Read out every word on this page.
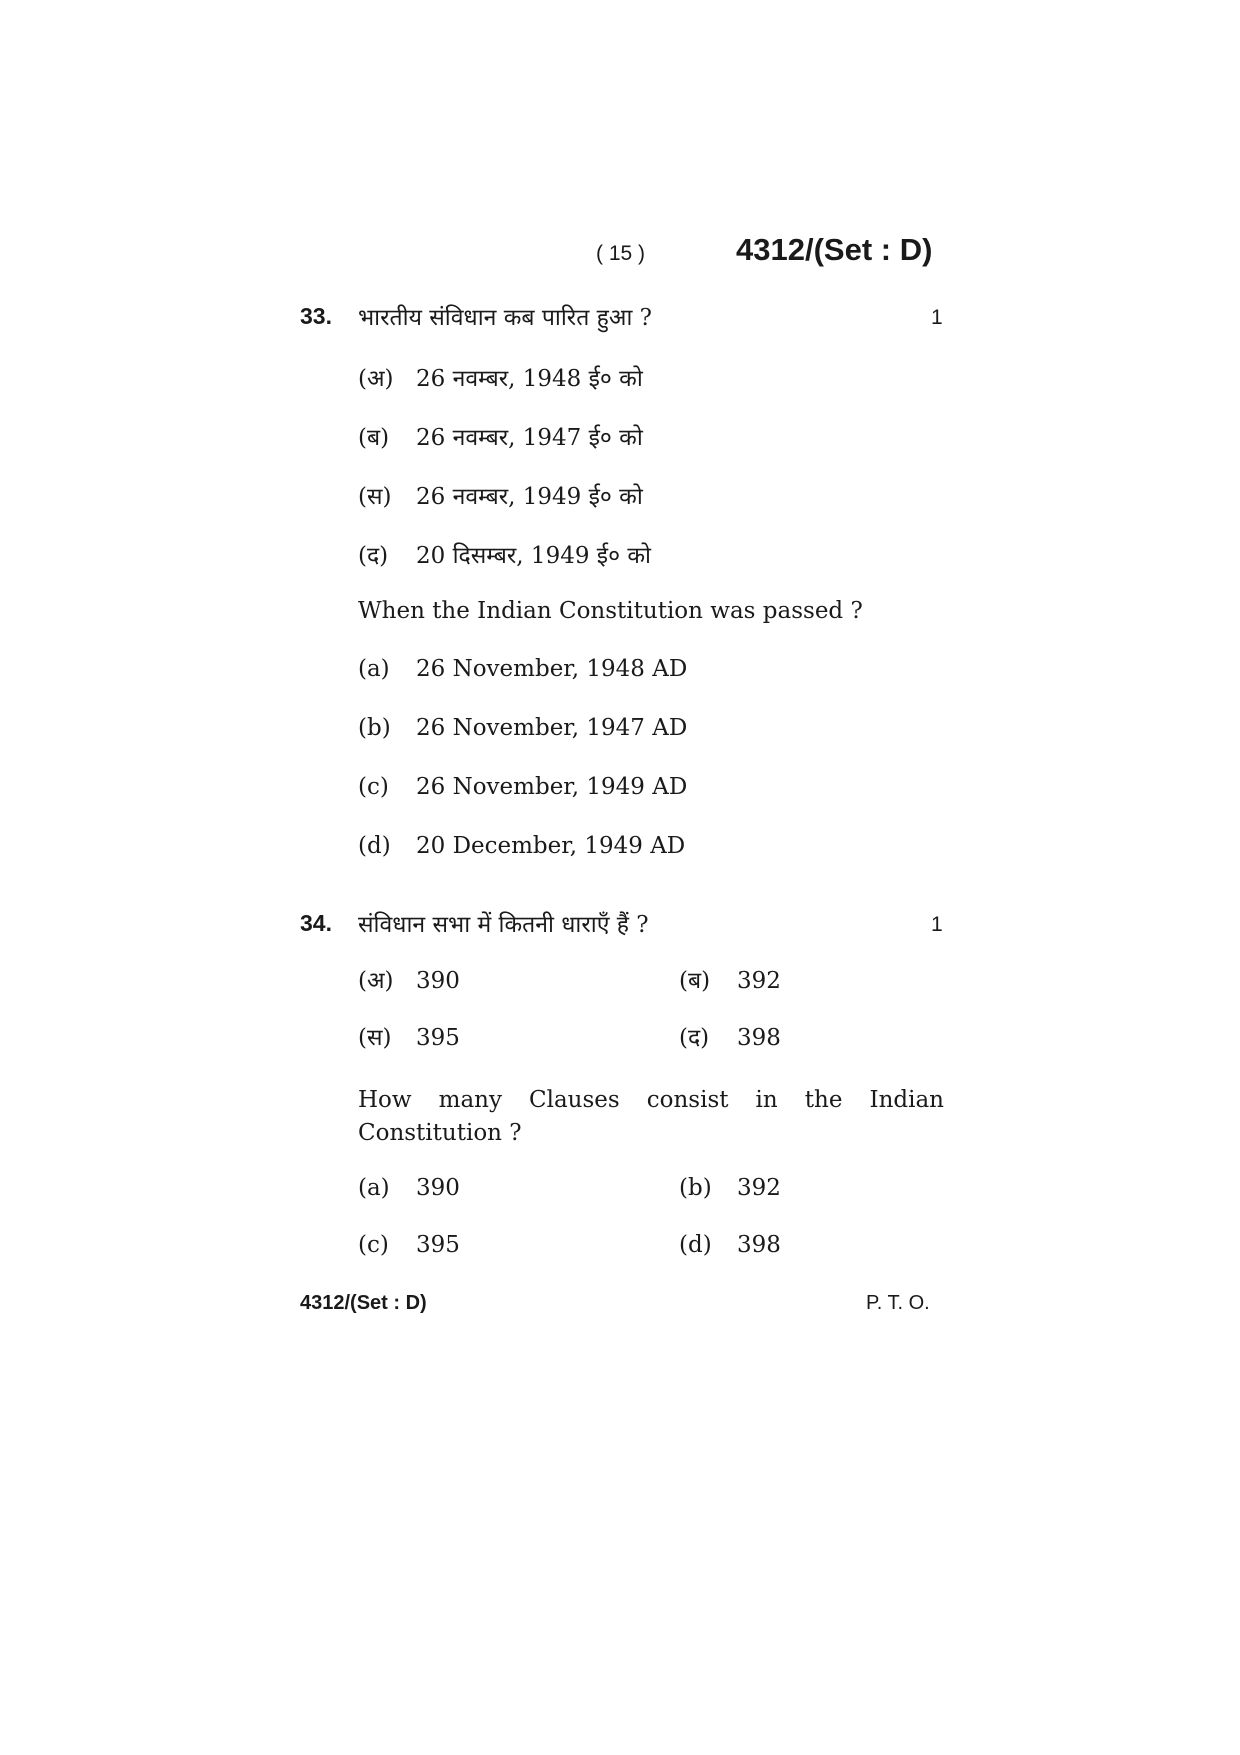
( 15 )	4312/(Set : D)
33. भारतीय संविधान कब पारित हुआ ?	1
(अ) 26 नवम्बर, 1948 ई० को
(ब) 26 नवम्बर, 1947 ई० को
(स) 26 नवम्बर, 1949 ई० को
(द) 20 दिसम्बर, 1949 ई० को
When the Indian Constitution was passed ?
(a) 26 November, 1948 AD
(b) 26 November, 1947 AD
(c) 26 November, 1949 AD
(d) 20 December, 1949 AD
34. संविधान सभा में कितनी धाराएँ हैं ?	1
(अ) 390	(ब) 392
(स) 395	(द) 398
How many Clauses consist in the Indian
Constitution ?
(a) 390	(b) 392
(c) 395	(d) 398
4312/(Set : D)	P. T. O.
